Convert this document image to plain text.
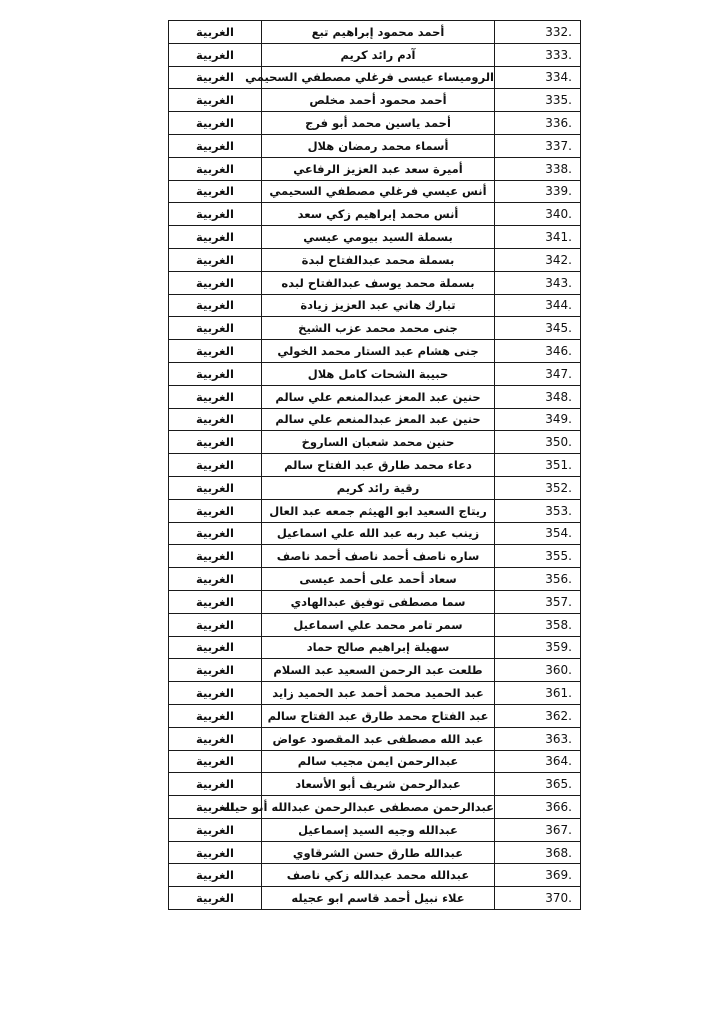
الغربية	أحمد محمود إبراهيم تبع	332.
الغربية	آدم رائد كريم	333.
الغربية	الروميساء عيسى فرغلي مصطفي السحيمي	334.
الغربية	أحمد محمود أحمد مخلص	335.
الغربية	أحمد ياسين محمد أبو فرج	336.
الغربية	أسماء محمد رمضان هلال	337.
الغربية	أميرة سعد عبد العزيز الرفاعي	338.
الغربية	أنس عيسي فرغلي مصطفي السحيمي	339.
الغربية	أنس محمد إبراهيم زكي سعد	340.
الغربية	بسملة السيد بيومي عيسي	341.
الغربية	بسملة محمد عبدالفتاح لبدة	342.
الغربية	بسملة محمد يوسف عبدالفتاح لبده	343.
الغربية	تبارك هاني عبد العزيز زيادة	344.
الغربية	جنى محمد محمد عزب الشيخ	345.
الغربية	جنى هشام عبد الستار محمد الخولي	346.
الغربية	حبيبة الشحات كامل هلال	347.
الغربية	حنين عبد المعز عبدالمنعم علي سالم	348.
الغربية	حنين عبد المعز عبدالمنعم علي سالم	349.
الغربية	حنين محمد شعبان الساروخ	350.
الغربية	دعاء محمد طارق عبد الفتاح سالم	351.
الغربية	رقية رائد كريم	352.
الغربية	ريتاج السعيد ابو الهيثم جمعه عبد العال	353.
الغربية	زينب عبد ربه عبد الله علي اسماعيل	354.
الغربية	ساره ناصف أحمد ناصف أحمد ناصف	355.
الغربية	سعاد أحمد على أحمد عيسى	356.
الغربية	سما مصطفى توفيق عبدالهادي	357.
الغربية	سمر تامر محمد علي اسماعيل	358.
الغربية	سهيلة إبراهيم صالح حماد	359.
الغربية	طلعت عبد الرحمن السعيد عبد السلام	360.
الغربية	عبد الحميد محمد أحمد عبد الحميد زايد	361.
الغربية	عبد الفتاح محمد طارق عبد الفتاح سالم	362.
الغربية	عبد الله مصطفى عبد المقصود عواض	363.
الغربية	عبدالرحمن ايمن مجيب سالم	364.
الغربية	عبدالرحمن شريف أبو الأسعاد	365.
الغربية	عبدالرحمن مصطفى عبدالرحمن عبدالله أبو حيله	366.
الغربية	عبدالله وجيه السيد إسماعيل	367.
الغربية	عبدالله طارق حسن الشرقاوي	368.
الغربية	عبدالله محمد عبدالله زكي ناصف	369.
الغربية	علاء نبيل أحمد قاسم ابو عجيله	370.
